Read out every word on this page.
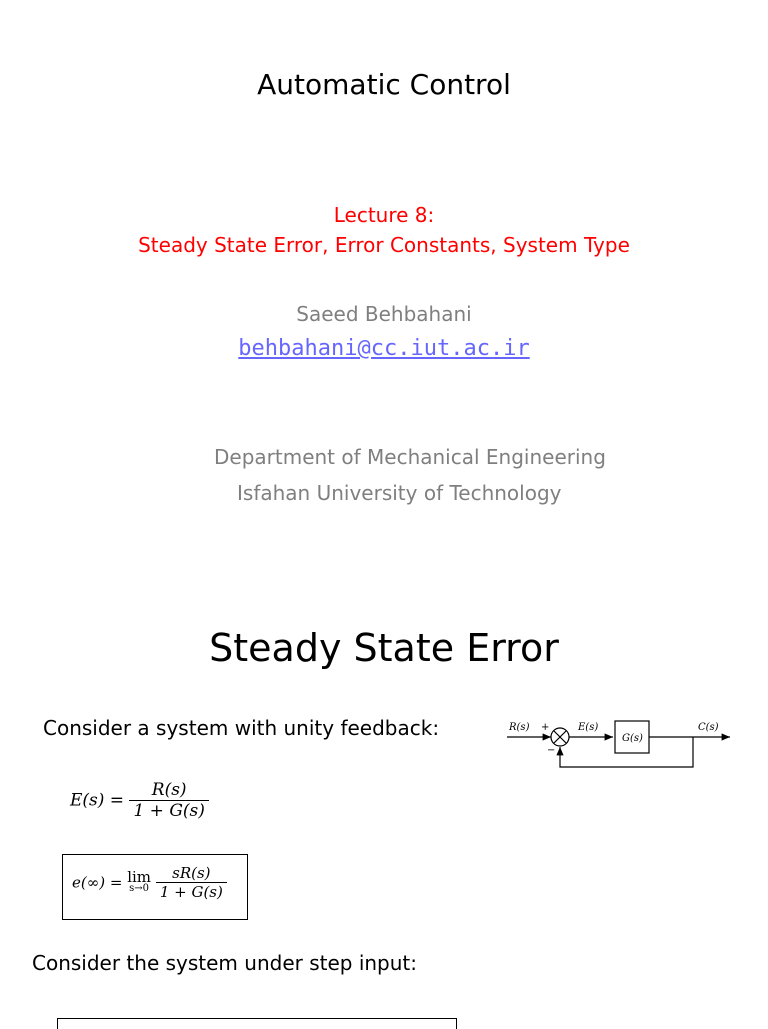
Automatic Control
Lecture 8:
Steady State Error, Error Constants, System Type
Saeed Behbahani
behbahani@cc.iut.ac.ir
Department of Mechanical Engineering
Isfahan University of Technology
Steady State Error
Consider a system with unity feedback:	R(s) +
−
E(s)
G(s)
C(s)
$E(s) = \frac{R(s)}{1 + G(s)}$
e(∞) = lim
s→0
$\frac{sR(s)}{1 + G(s)}$
Consider the system under step input:
